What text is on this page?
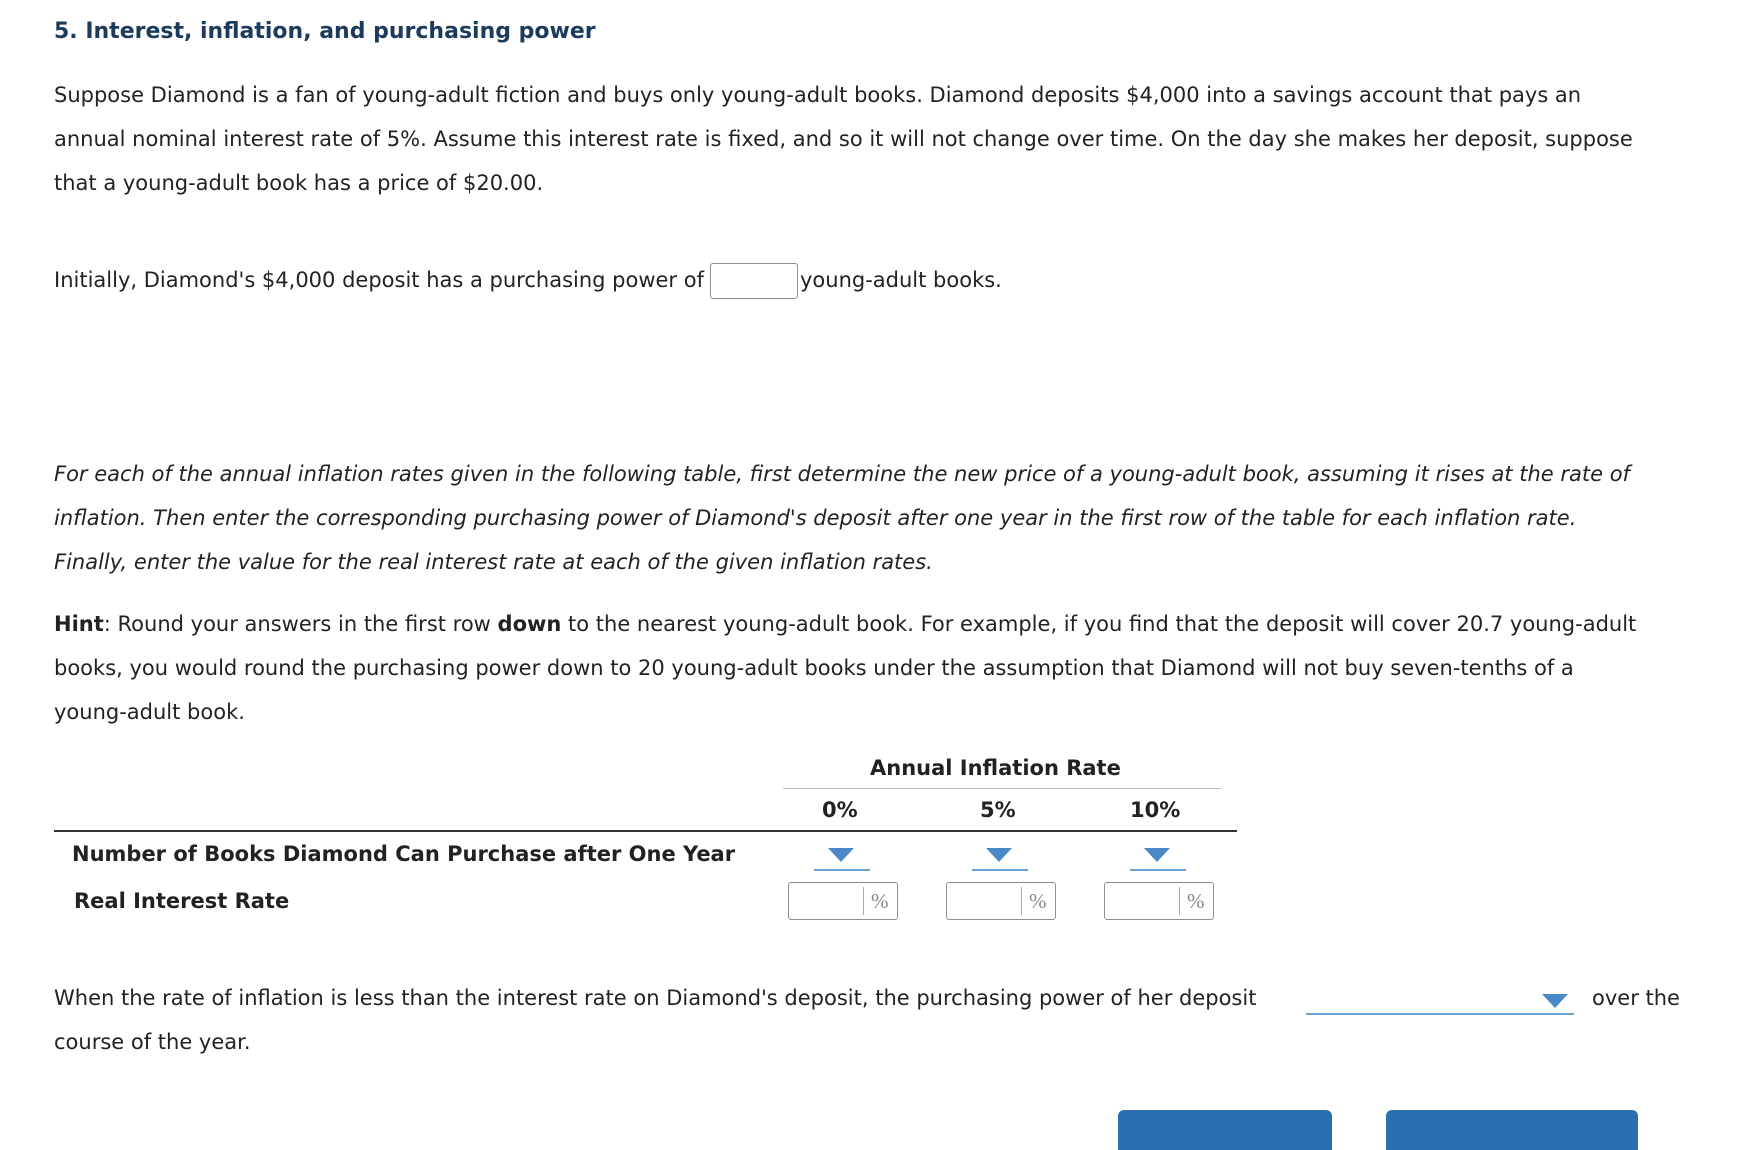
5. Interest, inflation, and purchasing power
Suppose Diamond is a fan of young-adult fiction and buys only young-adult books. Diamond deposits $4,000 into a savings account that pays an
annual nominal interest rate of 5%. Assume this interest rate is fixed, and so it will not change over time. On the day she makes her deposit, suppose
that a young-adult book has a price of $20.00.
Initially, Diamond's $4,000 deposit has a purchasing power of	young-adult books.
For each of the annual inflation rates given in the following table, first determine the new price of a young-adult book, assuming it rises at the rate of
inflation. Then enter the corresponding purchasing power of Diamond's deposit after one year in the first row of the table for each inflation rate.
Finally, enter the value for the real interest rate at each of the given inflation rates.
Hint: Round your answers in the first row down to the nearest young-adult book. For example, if you find that the deposit will cover 20.7 young-adult
books, you would round the purchasing power down to 20 young-adult books under the assumption that Diamond will not buy seven-tenths of a
young-adult book.
Annual Inflation Rate
0%	5%	10%
Number of Books Diamond Can Purchase after One Year
Real Interest Rate	%	%	%
When the rate of inflation is less than the interest rate on Diamond's deposit, the purchasing power of her deposit	over the
course of the year.
